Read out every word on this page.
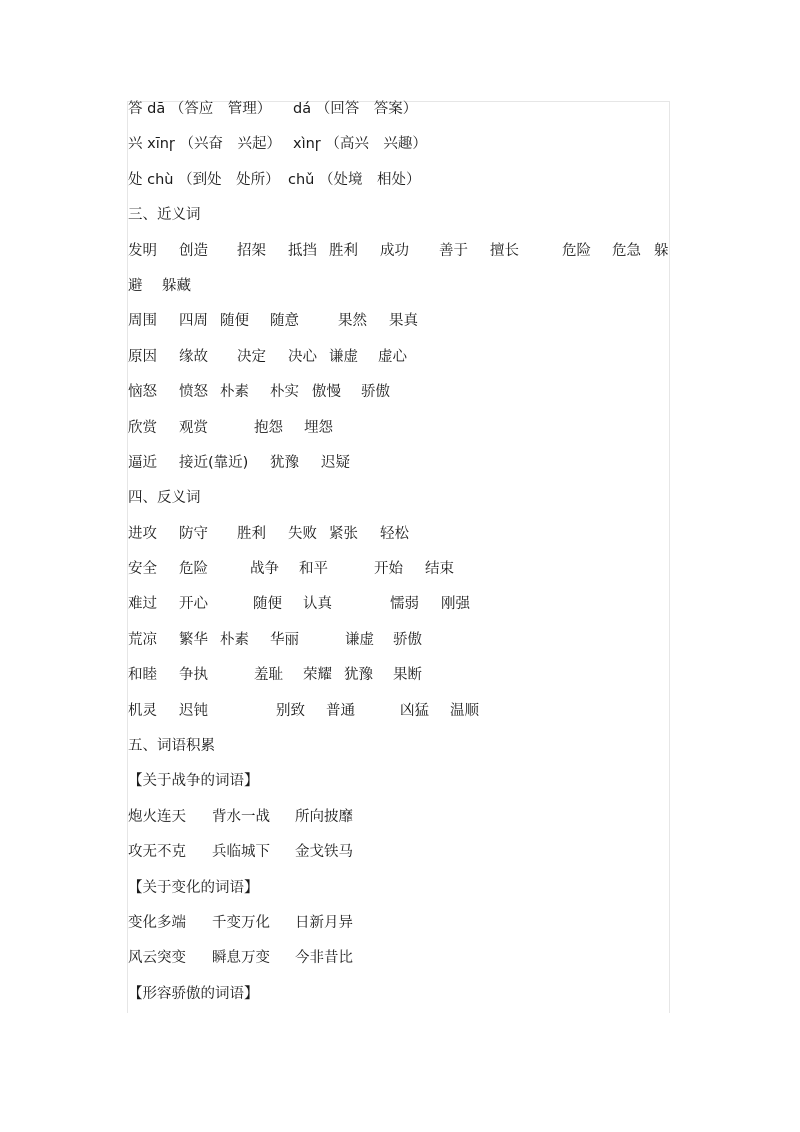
答 dā （答应　管理） dá （回答　答案）
兴 xīnɼ （兴奋　兴起） xìnɼ （高兴　兴趣）
处 chù （到处　处所） chǔ （处境　相处）
三、近义词
发明 创造 招架 抵挡 胜利 成功 善于 擅长	危险 危急 躲
避 躲藏
周围 四周 随便 随意	果然 果真
原因 缘故 决定 决心 谦虚 虚心
恼怒 愤怒 朴素 朴实 傲慢 骄傲
欣赏 观赏	抱怨 埋怨
逼近 接近(靠近) 犹豫 迟疑
四、反义词
进攻 防守 胜利 失败 紧张 轻松
安全 危险	战争 和平	开始 结束
难过 开心	随便 认真	懦弱 刚强
荒凉 繁华 朴素 华丽	谦虚 骄傲
和睦 争执	羞耻 荣耀 犹豫 果断
机灵 迟钝	别致 普通	凶猛 温顺
五、词语积累
【关于战争的词语】
炮火连天 背水一战 所向披靡
攻无不克 兵临城下 金戈铁马
【关于变化的词语】
变化多端 千变万化 日新月异
风云突变 瞬息万变 今非昔比
【形容骄傲的词语】
